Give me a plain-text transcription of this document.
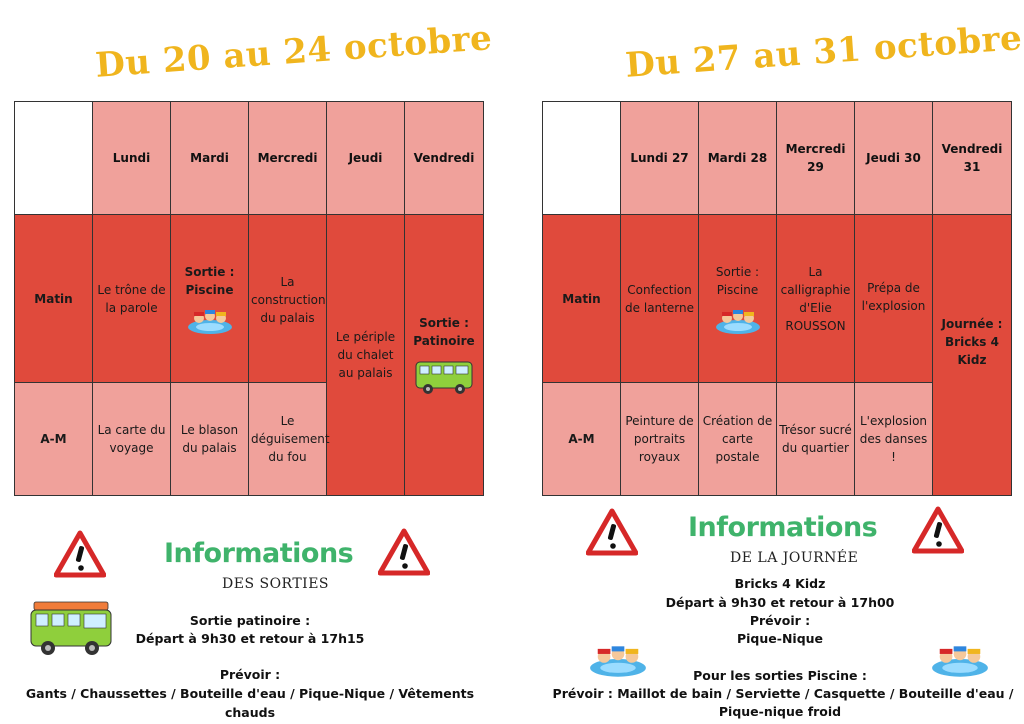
Du 20 au 24 octobre
	Lundi	Mardi	Mercredi	Jeudi	Vendredi
Matin	Le trône de la parole	Sortie : Piscine	La construction du palais	Le périple du chalet au palais	Sortie : Patinoire

A-M	La carte du voyage	Le blason du palais	Le déguisement du fou		
Informations
DES SORTIES
Sortie patinoire :
Départ à 9h30 et retour à 17h15
Prévoir :
Gants / Chaussettes / Bouteille d'eau / Pique-Nique / Vêtements chauds
Du 27 au 31 octobre
	Lundi 27	Mardi 28	Mercredi 29	Jeudi 30	Vendredi 31
Matin	Confection de lanterne	Sortie : Piscine	La calligraphie d'Elie ROUSSON	Prépa de l'explosion	Journée : Bricks 4 Kidz
A-M	Peinture de portraits royaux	Création de carte postale	Trésor sucré du quartier	L'explosion des danses !	
Informations
DE LA JOURNÉE
Bricks 4 Kidz
Départ à 9h30 et retour à 17h00
Prévoir :
Pique-Nique
Pour les sorties Piscine :
Prévoir : Maillot de bain / Serviette / Casquette / Bouteille d'eau /
Pique-nique froid
